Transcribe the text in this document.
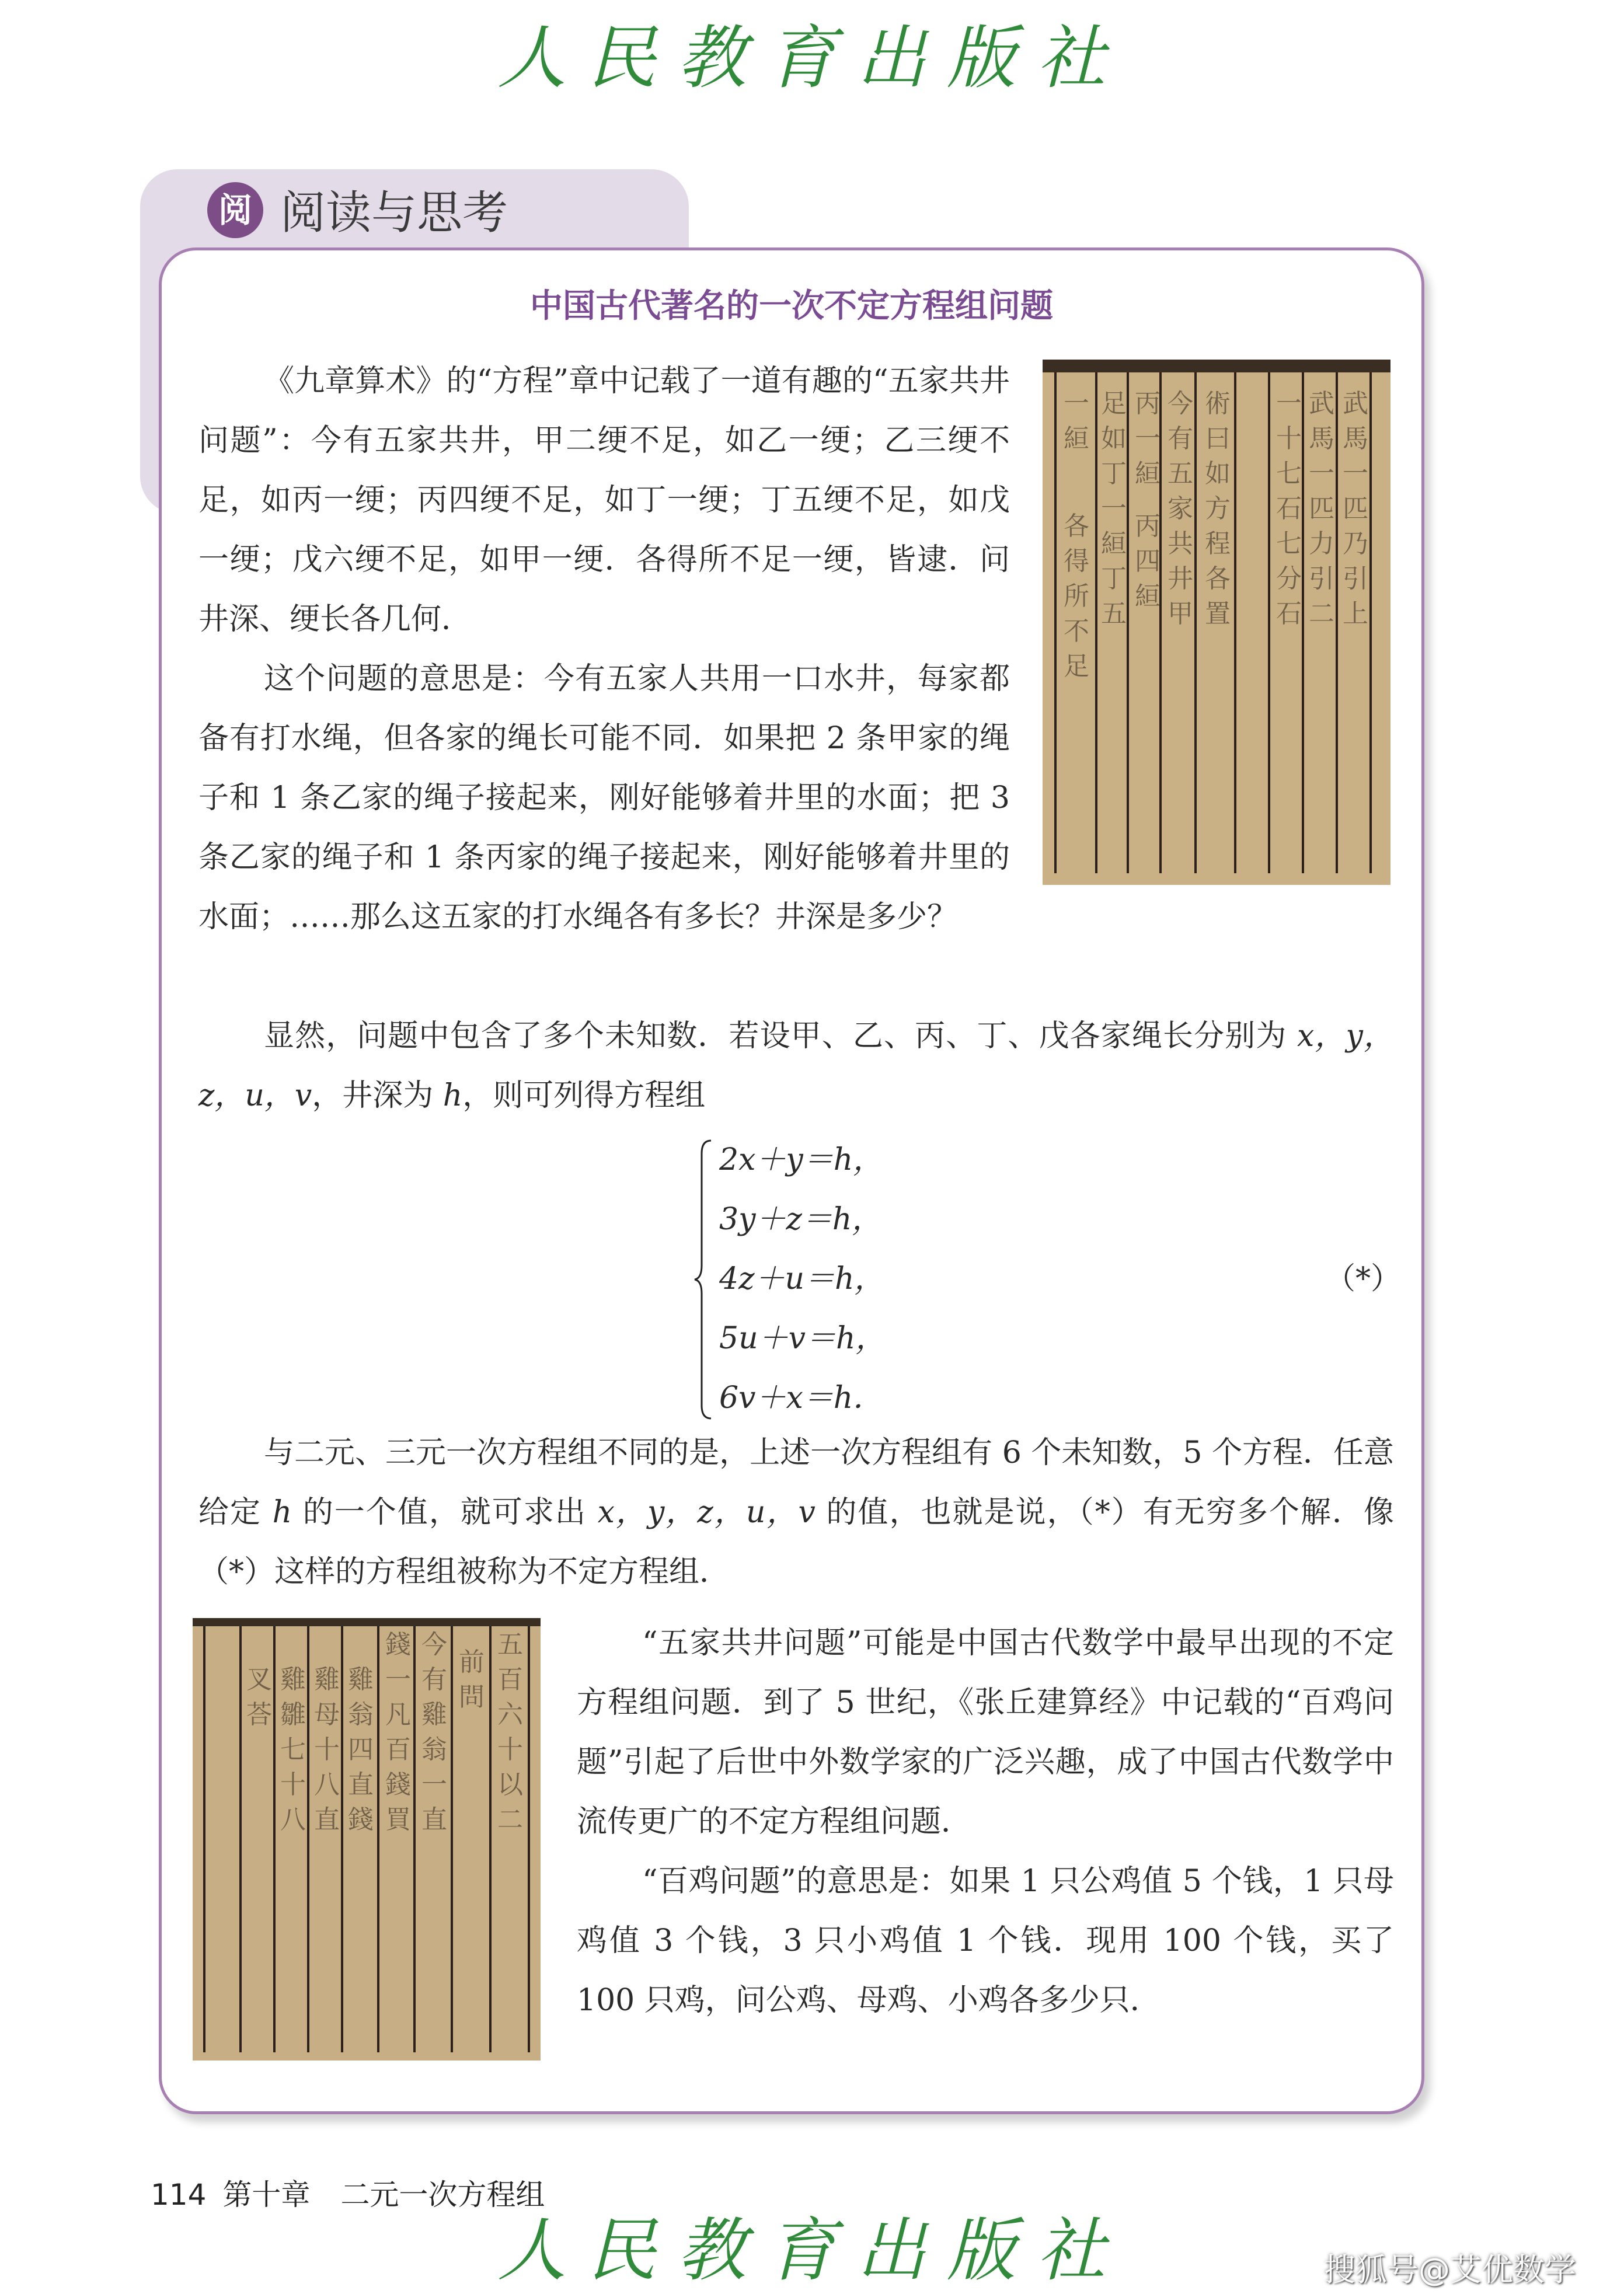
人民教育出版社
阅 阅读与思考
中国古代著名的一次不定方程组问题
《九章算术》的“方程”章中记载了一道有趣的“五家共井问题”：今有五家共井，甲二绠不足，如乙一绠；乙三绠不足，如丙一绠；丙四绠不足，如丁一绠；丁五绠不足，如戊一绠；戊六绠不足，如甲一绠．各得所不足一绠，皆逮．问井深、绠长各几何．
这个问题的意思是：今有五家人共用一口水井，每家都备有打水绳，但各家的绳长可能不同．如果把 2 条甲家的绳子和 1 条乙家的绳子接起来，刚好能够着井里的水面；把 3 条乙家的绳子和 1 条丙家的绳子接起来，刚好能够着井里的水面；……那么这五家的打水绳各有多长？井深是多少？
显然，问题中包含了多个未知数．若设甲、乙、丙、丁、戊各家绳长分别为 x，y，z，u，v，井深为 h，则可列得方程组
2x＋y＝h，
3y＋z＝h，
4z＋u＝h，
5u＋v＝h，
6v＋x＝h．
（*）
与二元、三元一次方程组不同的是，上述一次方程组有 6 个未知数，5 个方程．任意给定 h 的一个值，就可求出 x，y，z，u，v 的值，也就是说，（*）有无穷多个解．像（*）这样的方程组被称为不定方程组．
“五家共井问题”可能是中国古代数学中最早出现的不定方程组问题．到了 5 世纪，《张丘建算经》中记载的“百鸡问题”引起了后世中外数学家的广泛兴趣，成了中国古代数学中流传更广的不定方程组问题．
“百鸡问题”的意思是：如果 1 只公鸡值 5 个钱，1 只母鸡值 3 个钱，3 只小鸡值 1 个钱．现用 100 个钱，买了 100 只鸡，问公鸡、母鸡、小鸡各多少只．
一
絙
各
得
所
不
足
足
如
丁
一
絙
丁
五
丙
一
絙
丙
四
絙
今
有
五
家
共
井
甲
術
曰
如
方
程
各
置
一
十
七
石
七
分
石
武
馬
一
匹
力
引
二
武
馬
一
匹
乃
引
上
叉
荅
雞
雛
七
十
八
雞
母
十
八
直
雞
翁
四
直
錢
錢
一
凡
百
錢
買
今
有
雞
翁
一
直
前
問
五
百
六
十
以
二
114 第十章 二元一次方程组
人民教育出版社	搜狐号@艾优数学
